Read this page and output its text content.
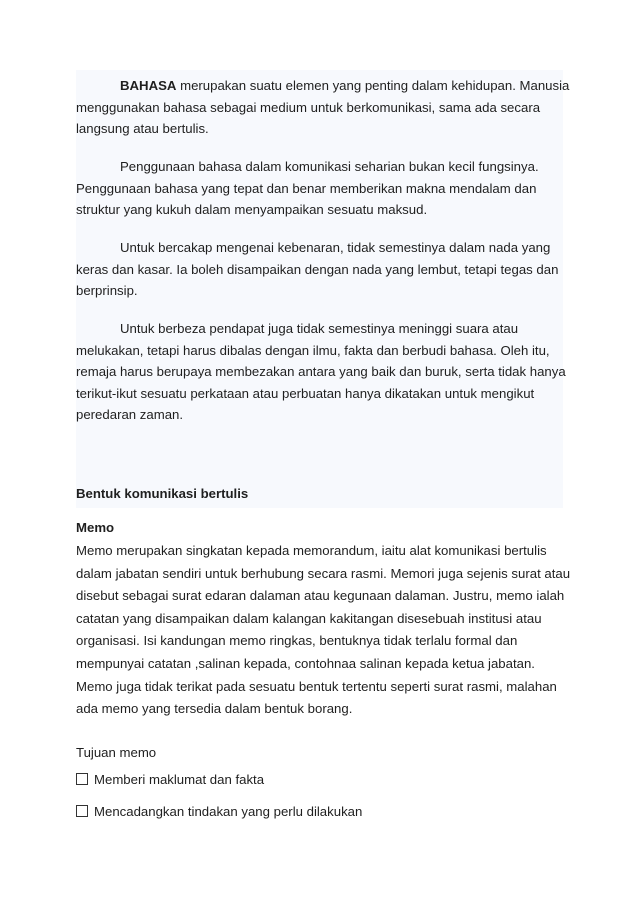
BAHASA merupakan suatu elemen yang penting dalam kehidupan. Manusia
menggunakan bahasa sebagai medium untuk berkomunikasi, sama ada secara
langsung atau bertulis.

Penggunaan bahasa dalam komunikasi seharian bukan kecil fungsinya.
Penggunaan bahasa yang tepat dan benar memberikan makna mendalam dan
struktur yang kukuh dalam menyampaikan sesuatu maksud.

Untuk bercakap mengenai kebenaran, tidak semestinya dalam nada yang
keras dan kasar. Ia boleh disampaikan dengan nada yang lembut, tetapi tegas dan
berprinsip.

Untuk berbeza pendapat juga tidak semestinya meninggi suara atau
melukakan, tetapi harus dibalas dengan ilmu, fakta dan berbudi bahasa. Oleh itu,
remaja harus berupaya membezakan antara yang baik dan buruk, serta tidak hanya
terikut-ikut sesuatu perkataan atau perbuatan hanya dikatakan untuk mengikut
peredaran zaman.

Bentuk komunikasi bertulis

Memo

Memo merupakan singkatan kepada memorandum, iaitu alat komunikasi bertulis
dalam jabatan sendiri untuk berhubung secara rasmi. Memori juga sejenis surat atau
disebut sebagai surat edaran dalaman atau kegunaan dalaman. Justru, memo ialah
catatan yang disampaikan dalam kalangan kakitangan disesebuah institusi atau
organisasi. Isi kandungan memo ringkas, bentuknya tidak terlalu formal dan
mempunyai catatan ,salinan kepada, contohnaa salinan kepada ketua jabatan.
Memo juga tidak terikat pada sesuatu bentuk tertentu seperti surat rasmi, malahan
ada memo yang tersedia dalam bentuk borang.

Tujuan memo

Memberi maklumat dan fakta

Mencadangkan tindakan yang perlu dilakukan
